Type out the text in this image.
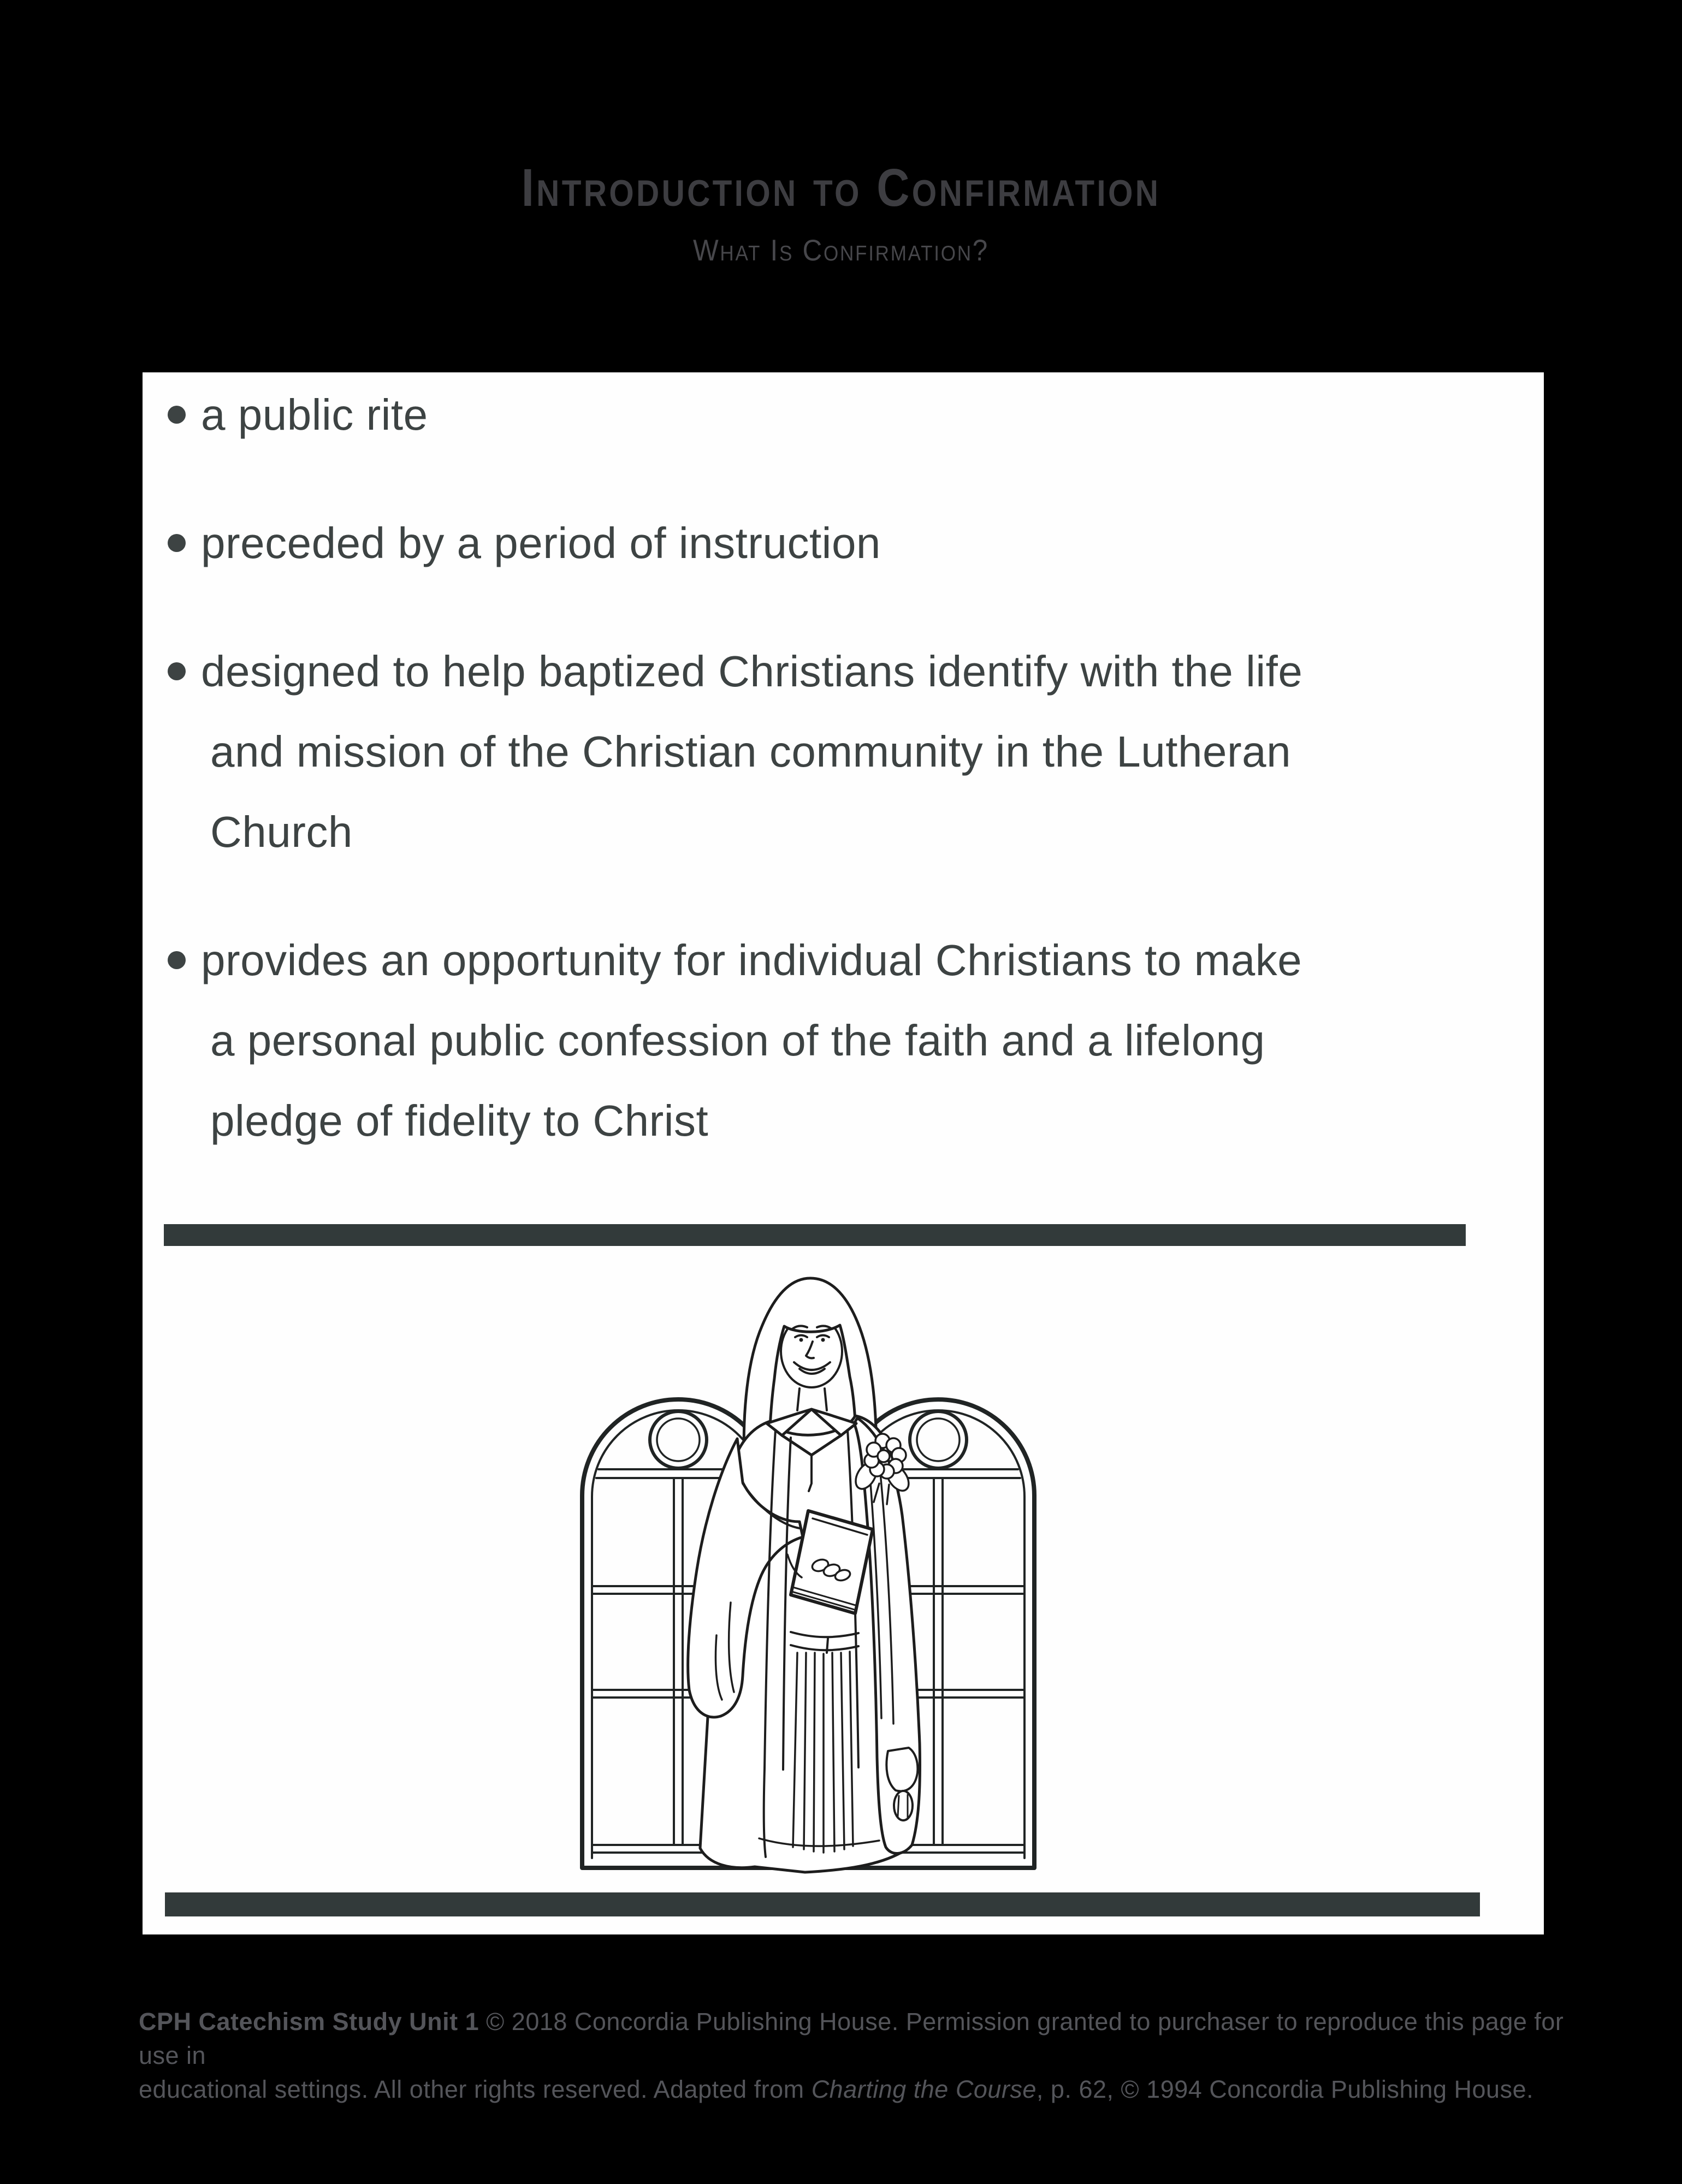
Introduction to Confirmation
What Is Confirmation?
a public rite
preceded by a period of instruction
designed to help baptized Christians identify with the life
and mission of the Christian community in the Lutheran
Church
provides an opportunity for individual Christians to make
a personal public confession of the faith and a lifelong
pledge of fidelity to Christ

CPH Catechism Study Unit 1 © 2018 Concordia Publishing House. Permission granted to purchaser to reproduce this page for use in

educational settings. All other rights reserved. Adapted from Charting the Course, p. 62, © 1994 Concordia Publishing House.
